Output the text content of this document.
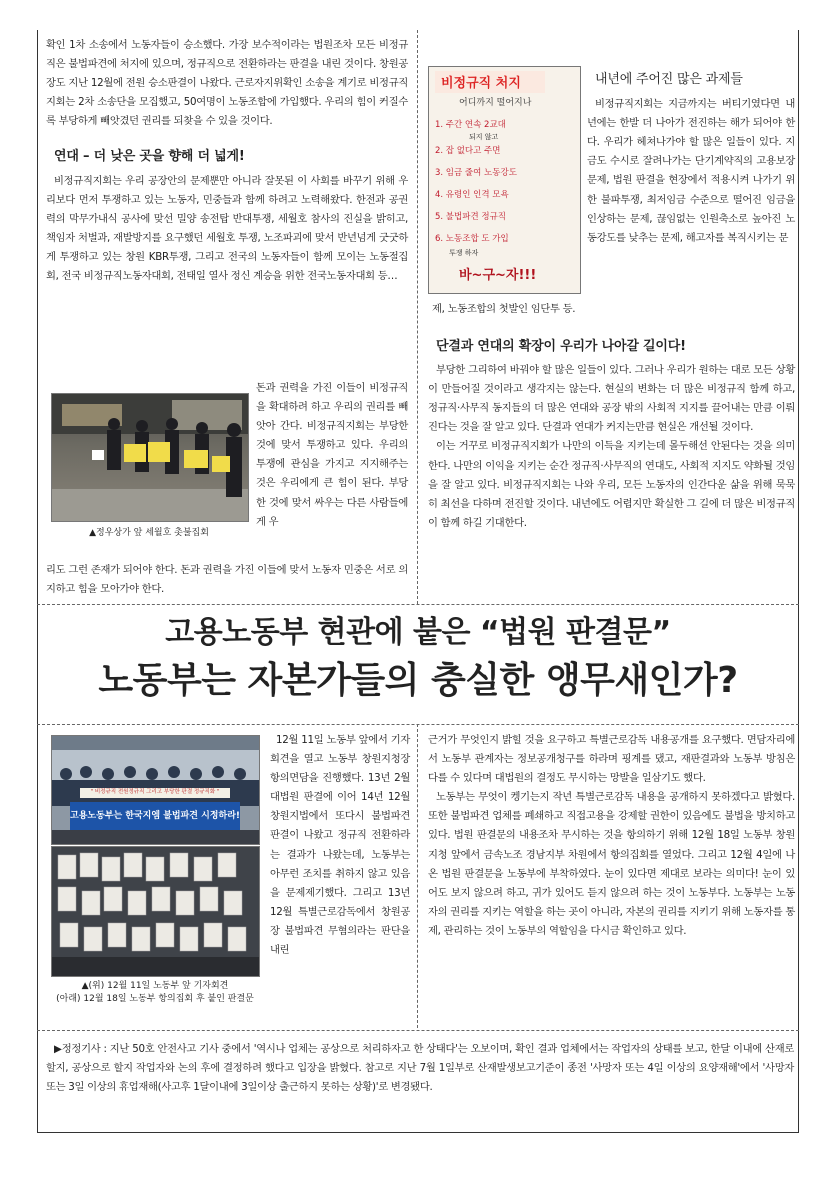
확인 1차 소송에서 노동자들이 승소했다. 가장 보수적이라는 법원조차 모든 비정규직은 불법파견에 처지에 있으며, 정규직으로 전환하라는 판결을 내린 것이다. 창원공장도 지난 12월에 전원 승소판결이 나왔다. 근로자지위확인 소송을 계기로 비정규직지회는 2차 소송단을 모집했고, 50여명이 노동조합에 가입했다. 우리의 힘이 커질수록 부당하게 빼앗겼던 권리를 되찾을 수 있을 것이다.

연대 – 더 낮은 곳을 향해 더 넓게!

비정규직지회는 우리 공장안의 문제뿐만 아니라 잘못된 이 사회를 바꾸기 위해 우리보다 먼저 투쟁하고 있는 노동자, 민중들과 함께 하려고 노력해왔다. 한전과 공권력의 막무가내식 공사에 맞선 밀양 송전탑 반대투쟁, 세월호 참사의 진실을 밝히고, 책임자 처벌과, 재발방지를 요구했던 세월호 투쟁, 노조파괴에 맞서 반년넘게 굿굿하게 투쟁하고 있는 창원 KBR투쟁, 그리고 전국의 노동자들이 함께 모이는 노동절집회, 전국 비정규직노동자대회, 전태일 열사 정신 계승을 위한 전국노동자대회 등…

▲정우상가 앞 세월호 촛불집회
돈과 권력을 가진 이들이 비정규직을 확대하려 하고 우리의 권리를 빼앗아 간다. 비정규직지회는 부당한 것에 맞서 투쟁하고 있다. 우리의 투쟁에 관심을 가지고 지지해주는 것은 우리에게 큰 힘이 된다. 부당한 것에 맞서 싸우는 다른 사람들에게 우
리도 그런 존재가 되어야 한다. 돈과 권력을 가진 이들에 맞서 노동자 민중은 서로 의지하고 힘을 모아가야 한다.
비정규직 처지
어디까지 떨어지나
1. 주간 연속 2교대
2. 잡 없다고 주면
3. 임금 줄여 노동강도
4. 유령인 인격 모욕
5. 불법파견 정규직
6. 노동조합 도 가입
되지 않고
투쟁 하자
바~구~자!!!
내년에 주어진 많은 과제들

비정규직지회는 지금까지는 버티기였다면 내년에는 한발 더 나아가 전진하는 해가 되어야 한다. 우리가 헤쳐나가야 할 많은 일들이 있다. 지금도 수시로 잘려나가는 단기계약직의 고용보장 문제, 법원 판결을 현장에서 적용시켜 나가기 위한 불파투쟁, 최저임금 수준으로 떨어진 임금을 인상하는 문제, 끊임없는 인원축소로 높아진 노동강도를 낮추는 문제, 해고자를 복직시키는 문

제, 노동조합의 첫발인 임단투 등.
단결과 연대의 확장이 우리가 나아갈 길이다!

부당한 그리하여 바꿔야 할 많은 일들이 있다. 그러나 우리가 원하는 대로 모든 상황이 만들어질 것이라고 생각지는 않는다. 현실의 변화는 더 많은 비정규직 함께 하고, 정규직·사무직 동지들의 더 많은 연대와 공장 밖의 사회적 지지를 끌어내는 만큼 이뤄진다는 것을 잘 알고 있다. 단결과 연대가 커지는만큼 현실은 개선될 것이다.

이는 거꾸로 비정규직지회가 나만의 이득을 지키는데 몰두해선 안된다는 것을 의미한다. 나만의 이익을 지키는 순간 정규직·사무직의 연대도, 사회적 지지도 약화될 것임을 잘 알고 있다. 비정규직지회는 나와 우리, 모든 노동자의 인간다운 삶을 위해 묵묵히 최선을 다하며 전진할 것이다. 내년에도 어렵지만 확실한 그 길에 더 많은 비정규직이 함께 하길 기대한다.

고용노동부 현관에 붙은 “법원 판결문”
노동부는 자본가들의 충실한 앵무새인가?
" 비정규직 전원정규직 그리고 부당한 판결 정규직화 "
고용노동부는 한국지엠 불법파견 시정하라!
▲(위) 12월 11일 노동부 앞 기자회견
(아래) 12월 18일 노동부 항의집회 후 붙인 판결문
12월 11일 노동부 앞에서 기자회견을 열고 노동부 창원지청장 항의면담을 진행했다. 13년 2월 대법원 판결에 이어 14년 12월 창원지법에서 또다시 불법파견 판결이 나왔고 정규직 전환하라는 결과가 나왔는데, 노동부는 아무런 조치를 취하지 않고 있음을 문제제기했다. 그리고 13년 12월 특별근로감독에서 창원공장 불법파견 무혐의라는 판단을 내린

근거가 무엇인지 밝힐 것을 요구하고 특별근로감독 내용공개를 요구했다. 면담자리에서 노동부 관계자는 정보공개청구를 하라며 핑계를 댔고, 재판결과와 노동부 방침은 다를 수 있다며 대법원의 결정도 무시하는 망발을 일삼기도 했다.

노동부는 무엇이 켕기는지 작년 특별근로감독 내용을 공개하지 못하겠다고 밝혔다. 또한 불법파견 업체를 폐쇄하고 직접고용을 강제할 권한이 있음에도 불법을 방치하고 있다. 법원 판결문의 내용조차 무시하는 것을 항의하기 위해 12월 18일 노동부 창원지청 앞에서 금속노조 경남지부 차원에서 항의집회를 열었다. 그리고 12월 4일에 나온 법원 판결문을 노동부에 부착하였다. 눈이 있다면 제대로 보라는 의미다! 눈이 있어도 보지 않으려 하고, 귀가 있어도 듣지 않으려 하는 것이 노동부다. 노동부는 노동자의 권리를 지키는 역할을 하는 곳이 아니라, 자본의 권리를 지키기 위해 노동자를 통제, 관리하는 것이 노동부의 역할임을 다시금 확인하고 있다.

▶정정기사 : 지난 50호 안전사고 기사 중에서 '역시나 업체는 공상으로 처리하자고 한 상태다'는 오보이며, 확인 결과 업체에서는 작업자의 상태를 보고, 한달 이내에 산재로 할지, 공상으로 할지 작업자와 논의 후에 결정하려 했다고 입장을 밝혔다. 참고로 지난 7월 1일부로 산재발생보고기준이 종전 '사망자 또는 4일 이상의 요양재해'에서 '사망자 또는 3일 이상의 휴업재해(사고후 1달이내에 3일이상 출근하지 못하는 상황)'로 변경됐다.
